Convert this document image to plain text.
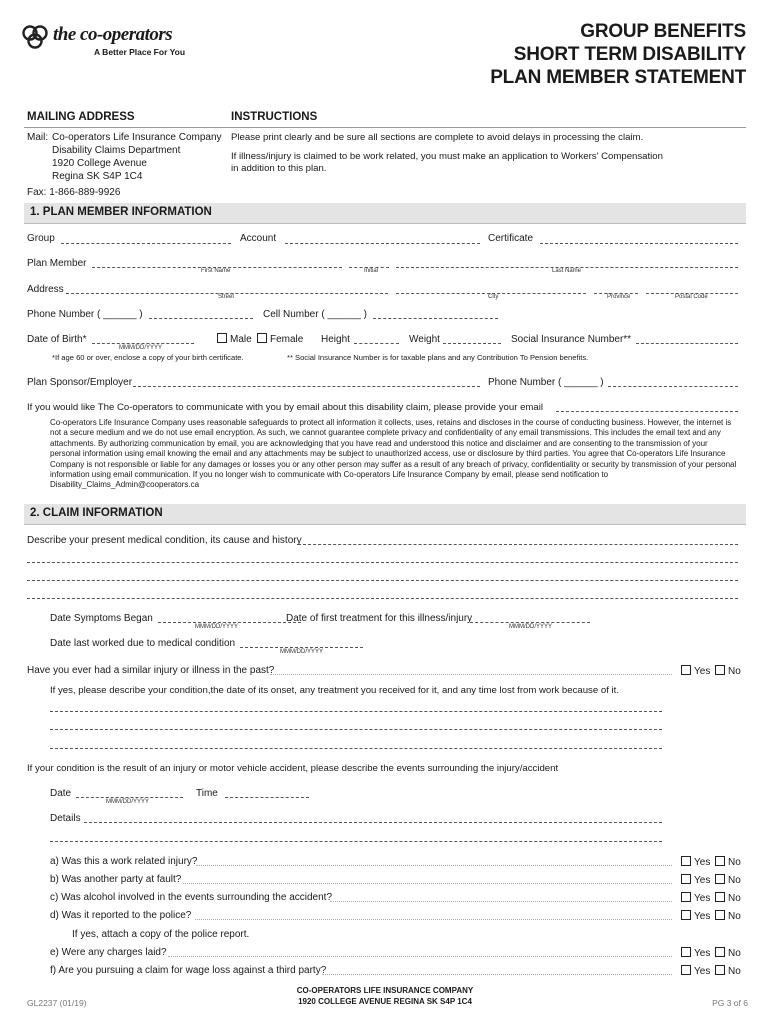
the co-operators
A Better Place For You
GROUP BENEFITS
SHORT TERM DISABILITY
PLAN MEMBER STATEMENT
MAILING ADDRESS	INSTRUCTIONS
Mail: Co-operators Life Insurance Company
Disability Claims Department
1920 College Avenue
Regina SK S4P 1C4
Fax: 1-866-889-9926
Please print clearly and be sure all sections are complete to avoid delays in processing the claim.
If illness/injury is claimed to be work related, you must make an application to Workers' Compensation
in addition to this plan.
1. PLAN MEMBER INFORMATION
Group	Account	Certificate
Plan Member
First Name	Initial	Last Name
Address
Street	City	Province	Postal Code
Phone Number ( ______ )	Cell Number ( ______ )
Date of Birth*
MMM/DD/YYYY
Male	Female Height	Weight	Social Insurance Number**
*If age 60 or over, enclose a copy of your birth certificate.	** Social Insurance Number is for taxable plans and any Contribution To Pension benefits.
Plan Sponsor/Employer	Phone Number ( ______ )
If you would like The Co-operators to communicate with you by email about this disability claim, please provide your email
Co-operators Life Insurance Company uses reasonable safeguards to protect all information it collects, uses, retains and discloses in the course of conducting business. However, the internet is not a secure medium and we do not use email encryption. As such, we cannot guarantee complete privacy and confidentiality of any email transmissions. This includes the email text and any attachments. By authorizing communication by email, you are acknowledging that you have read and understood this notice and disclaimer and are consenting to the transmission of your personal information using email knowing the email and any attachments may be subject to unauthorized access, use or disclosure by third parties. You agree that Co-operators Life Insurance Company is not responsible or liable for any damages or losses you or any other person may suffer as a result of any breach of privacy, confidentiality or security by transmission of your personal information using email communication. If you no longer wish to communicate with Co-operators Life Insurance Company by email, please send notification to Disability_Claims_Admin@cooperators.ca
2. CLAIM INFORMATION
Describe your present medical condition, its cause and history
Date Symptoms Began
MMM/DD/YYYY
Date of first treatment for this illness/injury
MMM/DD/YYYY
Date last worked due to medical condition
MMM/DD/YYYY
Have you ever had a similar injury or illness in the past?	Yes	No
If yes, please describe your condition,the date of its onset, any treatment you received for it, and any time lost from work because of it.
If your condition is the result of an injury or motor vehicle accident, please describe the events surrounding the injury/accident
Date
MMM/DD/YYYY
Time
Details
a) Was this a work related injury?	Yes	No
b) Was another party at fault?	Yes	No
c) Was alcohol involved in the events surrounding the accident?	Yes	No
d) Was it reported to the police?	Yes	No
If yes, attach a copy of the police report.
e) Were any charges laid?	Yes	No
f) Are you pursuing a claim for wage loss against a third party?	Yes	No
GL2237 (01/19)
CO-OPERATORS LIFE INSURANCE COMPANY
1920 COLLEGE AVENUE REGINA SK S4P 1C4	PG 3 of 6
